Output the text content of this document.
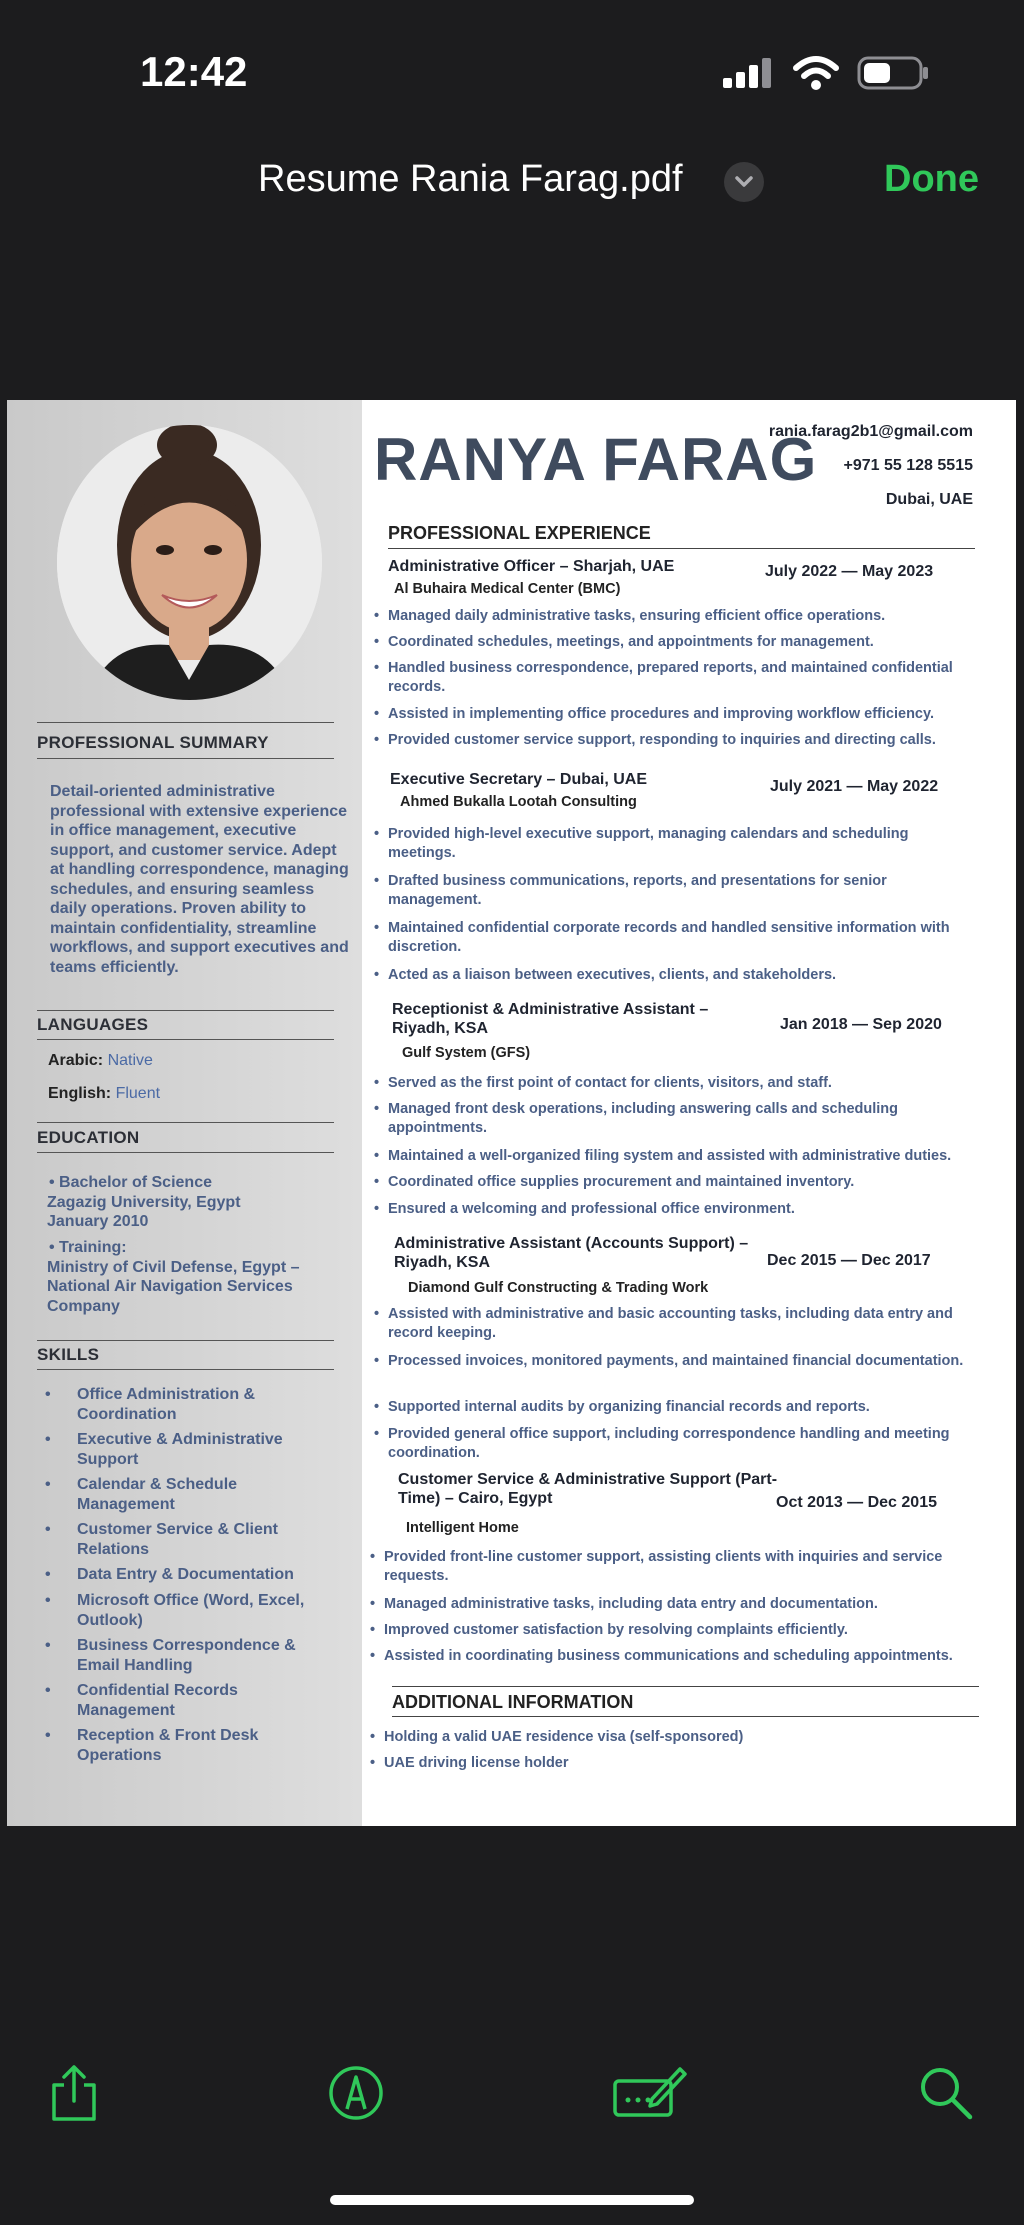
12:42
Resume Rania Farag.pdf	Done
PROFESSIONAL SUMMARY
Detail-oriented administrative professional with extensive experience in office management, executive support, and customer service. Adept at handling correspondence, managing schedules, and ensuring seamless daily operations. Proven ability to maintain confidentiality, streamline workflows, and support executives and teams efficiently.
LANGUAGES
Arabic: Native
English: Fluent
EDUCATION
• Bachelor of Science
Zagazig University, Egypt
January 2010
• Training:
Ministry of Civil Defense, Egypt – National Air Navigation Services Company
SKILLS
• Office Administration & Coordination
• Executive & Administrative Support
• Calendar & Schedule Management
• Customer Service & Client Relations
• Data Entry & Documentation
• Microsoft Office (Word, Excel, Outlook)
• Business Correspondence & Email Handling
• Confidential Records Management
• Reception & Front Desk Operations
RANYA FARAG
rania.farag2b1@gmail.com
+971 55 128 5515
Dubai, UAE
PROFESSIONAL EXPERIENCE
Administrative Officer – Sharjah, UAE	July 2022 — May 2023
Al Buhaira Medical Center (BMC)
• Managed daily administrative tasks, ensuring efficient office operations.
• Coordinated schedules, meetings, and appointments for management.
• Handled business correspondence, prepared reports, and maintained confidential records.
• Assisted in implementing office procedures and improving workflow efficiency.
• Provided customer service support, responding to inquiries and directing calls.
Executive Secretary – Dubai, UAE	July 2021 — May 2022
Ahmed Bukalla Lootah Consulting
• Provided high-level executive support, managing calendars and scheduling meetings.
• Drafted business communications, reports, and presentations for senior management.
• Maintained confidential corporate records and handled sensitive information with discretion.
• Acted as a liaison between executives, clients, and stakeholders.
Receptionist & Administrative Assistant – Riyadh, KSA	Jan 2018 — Sep 2020
Gulf System (GFS)
• Served as the first point of contact for clients, visitors, and staff.
• Managed front desk operations, including answering calls and scheduling appointments.
• Maintained a well-organized filing system and assisted with administrative duties.
• Coordinated office supplies procurement and maintained inventory.
• Ensured a welcoming and professional office environment.
Administrative Assistant (Accounts Support) – Riyadh, KSA	Dec 2015 — Dec 2017
Diamond Gulf Constructing & Trading Work
• Assisted with administrative and basic accounting tasks, including data entry and record keeping.
• Processed invoices, monitored payments, and maintained financial documentation.
• Supported internal audits by organizing financial records and reports.
• Provided general office support, including correspondence handling and meeting coordination.
Customer Service & Administrative Support (Part-Time) – Cairo, Egypt	Oct 2013 — Dec 2015
Intelligent Home
• Provided front-line customer support, assisting clients with inquiries and service requests.
• Managed administrative tasks, including data entry and documentation.
• Improved customer satisfaction by resolving complaints efficiently.
• Assisted in coordinating business communications and scheduling appointments.
ADDITIONAL INFORMATION
• Holding a valid UAE residence visa (self-sponsored)
• UAE driving license holder
